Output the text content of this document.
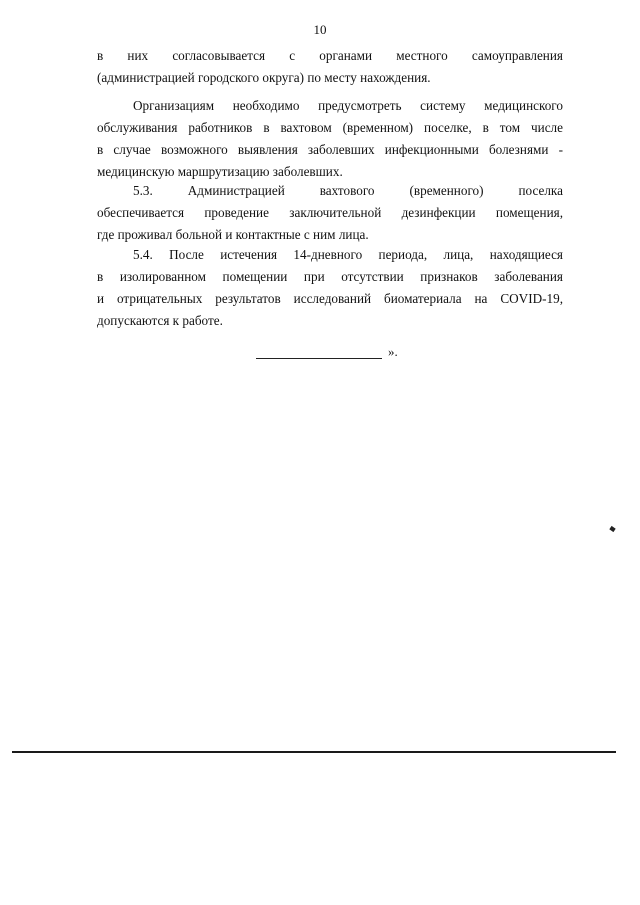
10
в них согласовывается с органами местного самоуправления
(администрацией городского округа) по месту нахождения.
Организациям необходимо предусмотреть систему медицинского
обслуживания работников в вахтовом (временном) поселке, в том числе
в случае возможного выявления заболевших инфекционными болезнями -
медицинскую маршрутизацию заболевших.
5.3. Администрацией вахтового (временного) поселка
обеспечивается проведение заключительной дезинфекции помещения,
где проживал больной и контактные с ним лица.
5.4. После истечения 14-дневного периода, лица, находящиеся
в изолированном помещении при отсутствии признаков заболевания
и отрицательных результатов исследований биоматериала на COVID-19,
допускаются к работе.
».
